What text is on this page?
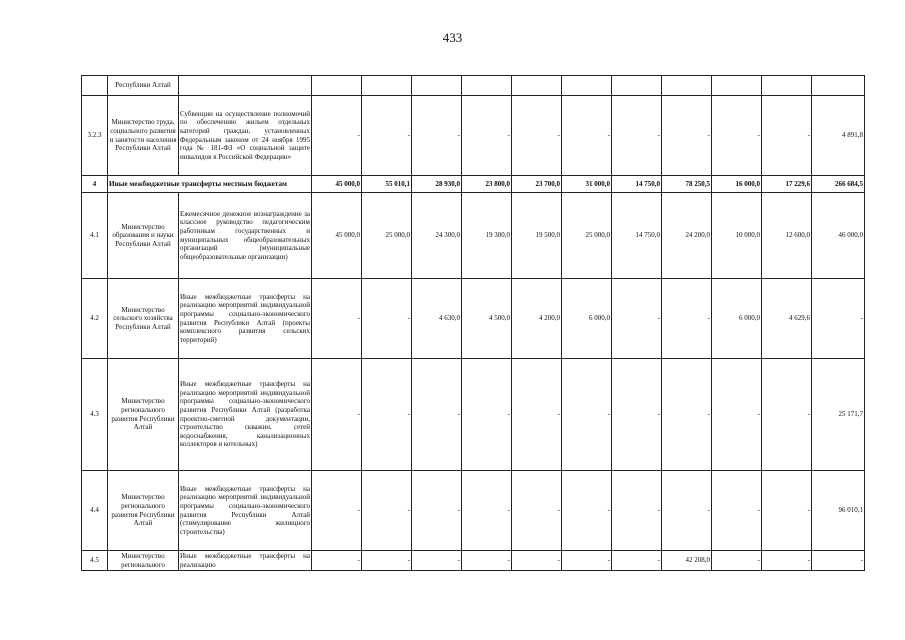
433
	Республики Алтай												
3.2.3	Министерство труда, социального развития и занятости населения Республики Алтай	Субвенции на осуществление полномочий по обеспечению жильем отдельных категорий граждан, установленных Федеральным законом от 24 ноября 1995 года № 181-ФЗ «О социальной защите инвалидов в Российской Федерации»	-	-	-	-	-	-	-	-	-	-	4 891,8
4	Иные межбюджетные трансферты местным бюджетам		45 000,0	55 010,1	28 930,0	23 800,0	23 700,0	31 000,0	14 750,0	78 250,5	16 000,0	17 229,6	266 684,5
4.1	Министерство образования и науки Республики Алтай	Ежемесячное денежное вознаграждение за классное руководство педагогическим работникам государственных и муниципальных общеобразовательных организаций (муниципальные общеобразовательные организации)	45 000,0	25 000,0	24 300,0	19 300,0	19 500,0	25 000,0	14 750,0	24 200,0	10 000,0	12 600,0	46 000,0
4.2	Министерство сельского хозяйства Республики Алтай	Иные межбюджетные трансферты на реализацию мероприятий индивидуальной программы социально-экономического развития Республики Алтай (проекты комплексного развития сельских территорий)	-	-	4 630,0	4 500,0	4 200,0	6 000,0	-	-	6 000,0	4 629,6	-
4.3	Министерство регионального развития Республики Алтай	Иные межбюджетные трансферты на реализацию мероприятий индивидуальной программы социально-экономического развития Республики Алтай (разработка проектно-сметной документации, строительство скважин, сетей водоснабжения, канализационных коллекторов и котельных)	-	-	-	-	-	-	-	-	-	-	25 171,7
4.4	Министерство регионального развития Республики Алтай	Иные межбюджетные трансферты на реализацию мероприятий индивидуальной программы социально-экономического развития Республики Алтай (стимулирование жилищного строительства)	-	-	-	-	-	-	-	-	-	-	96 010,1
4.5	Министерство регионального	Иные межбюджетные трансферты на реализацию	-	-	-	-	-	-	-	42 208,0	-	-	-
